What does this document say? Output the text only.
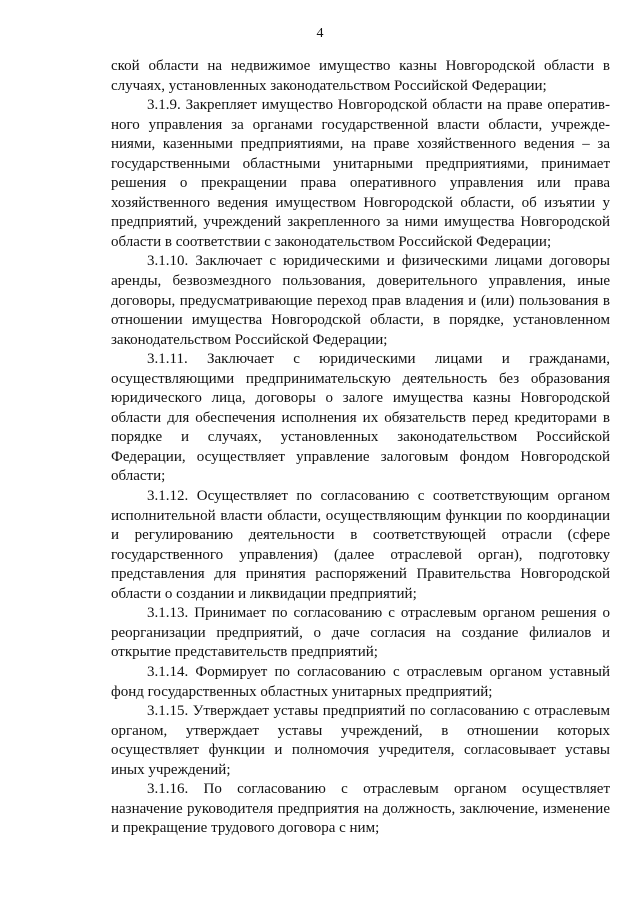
4

ской области на недвижимое имущество казны Новгородской области в случаях, установленных законодательством Российской Федерации;

3.1.9. Закрепляет имущество Новгородской области на праве оперативного управления за органами государственной власти области, учреждениями, казенными предприятиями, на праве хозяйственного ведения – за государственными областными унитарными предприятиями, принимает решения о прекращении права оперативного управления или права хозяйственного ведения имуществом Новгородской области, об изъятии у предприятий, учреждений закрепленного за ними имущества Новгородской области в соответствии с законодательством Российской Федерации;

3.1.10. Заключает с юридическими и физическими лицами договоры аренды, безвозмездного пользования, доверительного управления, иные договоры, предусматривающие переход прав владения и (или) пользования в отношении имущества Новгородской области, в порядке, установленном законодательством Российской Федерации;

3.1.11. Заключает с юридическими лицами и гражданами, осуществляющими предпринимательскую деятельность без образования юридического лица, договоры о залоге имущества казны Новгородской области для обеспечения исполнения их обязательств перед кредиторами в порядке и случаях, установленных законодательством Российской Федерации, осуществляет управление залоговым фондом Новгородской области;

3.1.12. Осуществляет по согласованию с соответствующим органом исполнительной власти области, осуществляющим функции по координации и регулированию деятельности в соответствующей отрасли (сфере государственного управления) (далее отраслевой орган), подготовку представления для принятия распоряжений Правительства Новгородской области о создании и ликвидации предприятий;

3.1.13. Принимает по согласованию с отраслевым органом решения о реорганизации предприятий, о даче согласия на создание филиалов и открытие представительств предприятий;

3.1.14. Формирует по согласованию с отраслевым органом уставный фонд государственных областных унитарных предприятий;

3.1.15. Утверждает уставы предприятий по согласованию с отраслевым органом, утверждает уставы учреждений, в отношении которых осуществляет функции и полномочия учредителя, согласовывает уставы иных учреждений;

3.1.16. По согласованию с отраслевым органом осуществляет назначение руководителя предприятия на должность, заключение, изменение и прекращение трудового договора с ним;
